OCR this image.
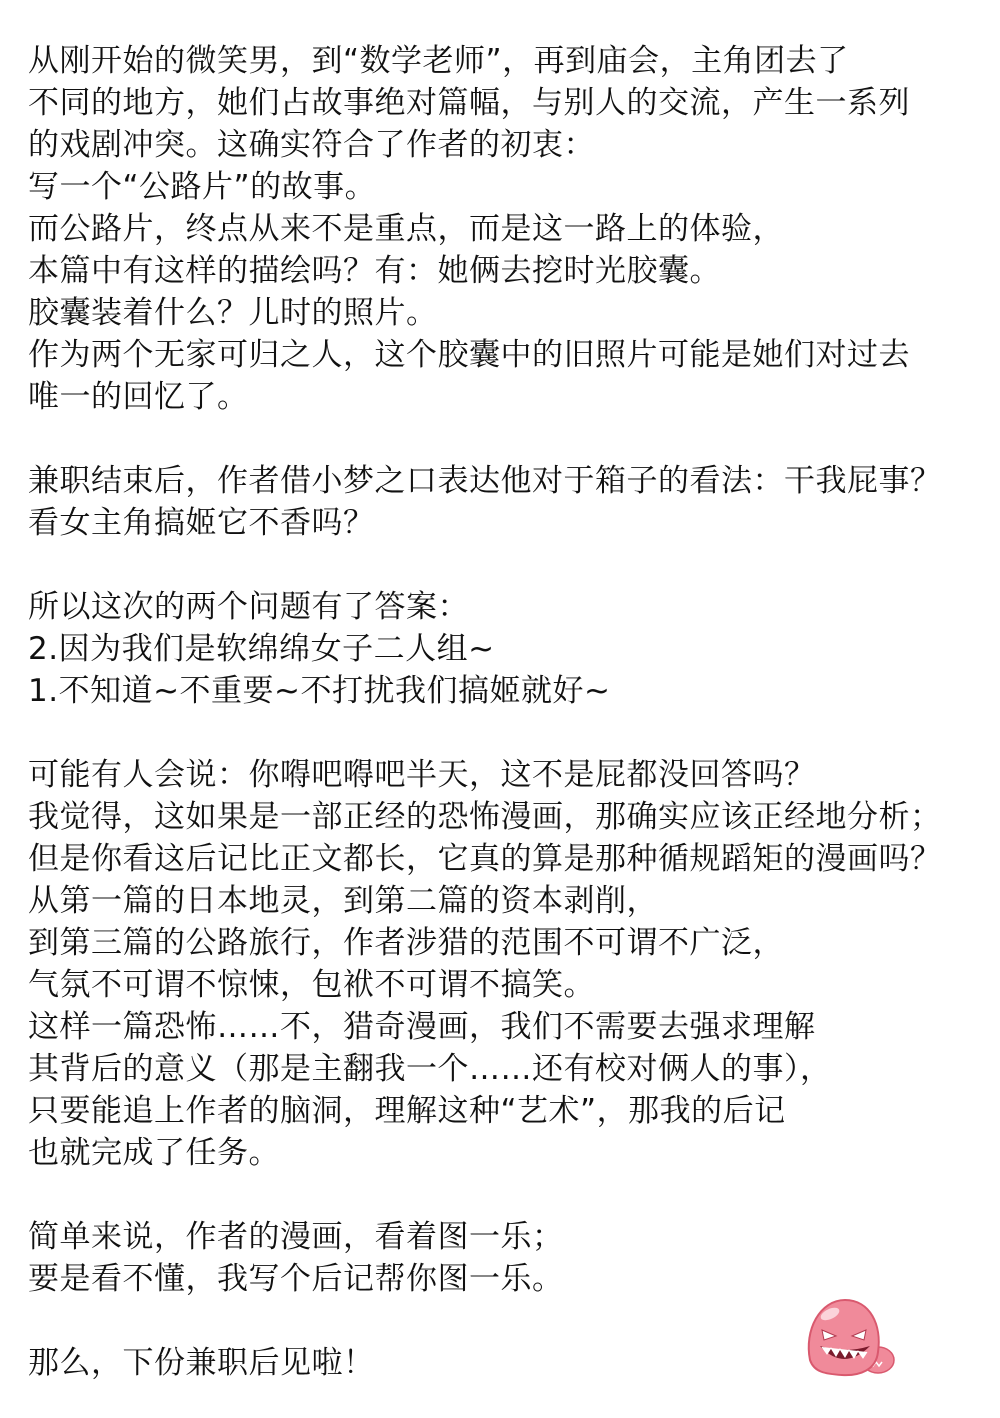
从刚开始的微笑男，到“数学老师”，再到庙会，主角团去了
不同的地方，她们占故事绝对篇幅，与别人的交流，产生一系列
的戏剧冲突。这确实符合了作者的初衷：
写一个“公路片”的故事。
而公路片，终点从来不是重点，而是这一路上的体验，
本篇中有这样的描绘吗？有：她俩去挖时光胶囊。
胶囊装着什么？儿时的照片。
作为两个无家可归之人，这个胶囊中的旧照片可能是她们对过去
唯一的回忆了。
兼职结束后，作者借小梦之口表达他对于箱子的看法：干我屁事？
看女主角搞姬它不香吗？
所以这次的两个问题有了答案：
2.因为我们是软绵绵女子二人组~
1.不知道~不重要~不打扰我们搞姬就好~
可能有人会说：你嘚吧嘚吧半天，这不是屁都没回答吗？
我觉得，这如果是一部正经的恐怖漫画，那确实应该正经地分析；
但是你看这后记比正文都长，它真的算是那种循规蹈矩的漫画吗？
从第一篇的日本地灵，到第二篇的资本剥削，
到第三篇的公路旅行，作者涉猎的范围不可谓不广泛，
气氛不可谓不惊悚，包袱不可谓不搞笑。
这样一篇恐怖……不，猎奇漫画，我们不需要去强求理解
其背后的意义（那是主翻我一个……还有校对俩人的事），
只要能追上作者的脑洞，理解这种“艺术”，那我的后记
也就完成了任务。
简单来说，作者的漫画，看着图一乐；
要是看不懂，我写个后记帮你图一乐。
那么，下份兼职后见啦！
